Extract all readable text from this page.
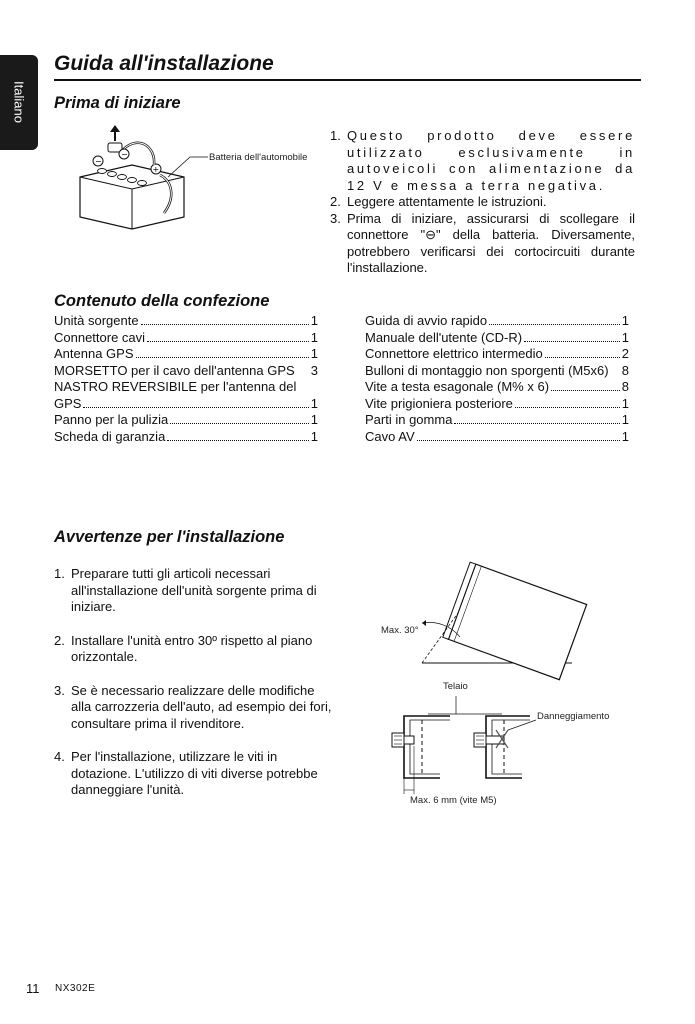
Italiano
Guida all'installazione
Prima di iniziare
−
+
−	Batteria dell'automobile
1. Questo prodotto deve essere utilizzato esclusivamente in autoveicoli con alimentazione da 12 V e messa a terra negativa.
2. Leggere attentamente le istruzioni.
3. Prima di iniziare, assicurarsi di scollegare il connettore "⊖" della batteria. Diversamente, potrebbero verificarsi dei cortocircuiti durante l'installazione.
Contenuto della confezione
Unità sorgente	1
Connettore cavi	1
Antenna GPS	1
MORSETTO per il cavo dell'antenna GPS 3
NASTRO REVERSIBILE per l'antenna del
GPS	1
Panno per la pulizia	1
Scheda di garanzia	1
Guida di avvio rapido	1
Manuale dell'utente (CD-R)	1
Connettore elettrico intermedio	2
Bulloni di montaggio non sporgenti (M5x6) 8
Vite a testa esagonale (M% x 6)	8
Vite prigioniera posteriore	1
Parti in gomma	1
Cavo AV	1
Avvertenze per l'installazione
1. Preparare tutti gli articoli necessari all'installazione dell'unità sorgente prima di iniziare.
2. Installare l'unità entro 30º rispetto al piano orizzontale.
3. Se è necessario realizzare delle modifiche alla carrozzeria dell'auto, ad esempio dei fori, consultare prima il rivenditore.
4. Per l'installazione, utilizzare le viti in dotazione. L'utilizzo di viti diverse potrebbe danneggiare l'unità.
Max. 30°
Telaio
Danneggiamento
Max. 6 mm (vite M5)
11 NX302E
